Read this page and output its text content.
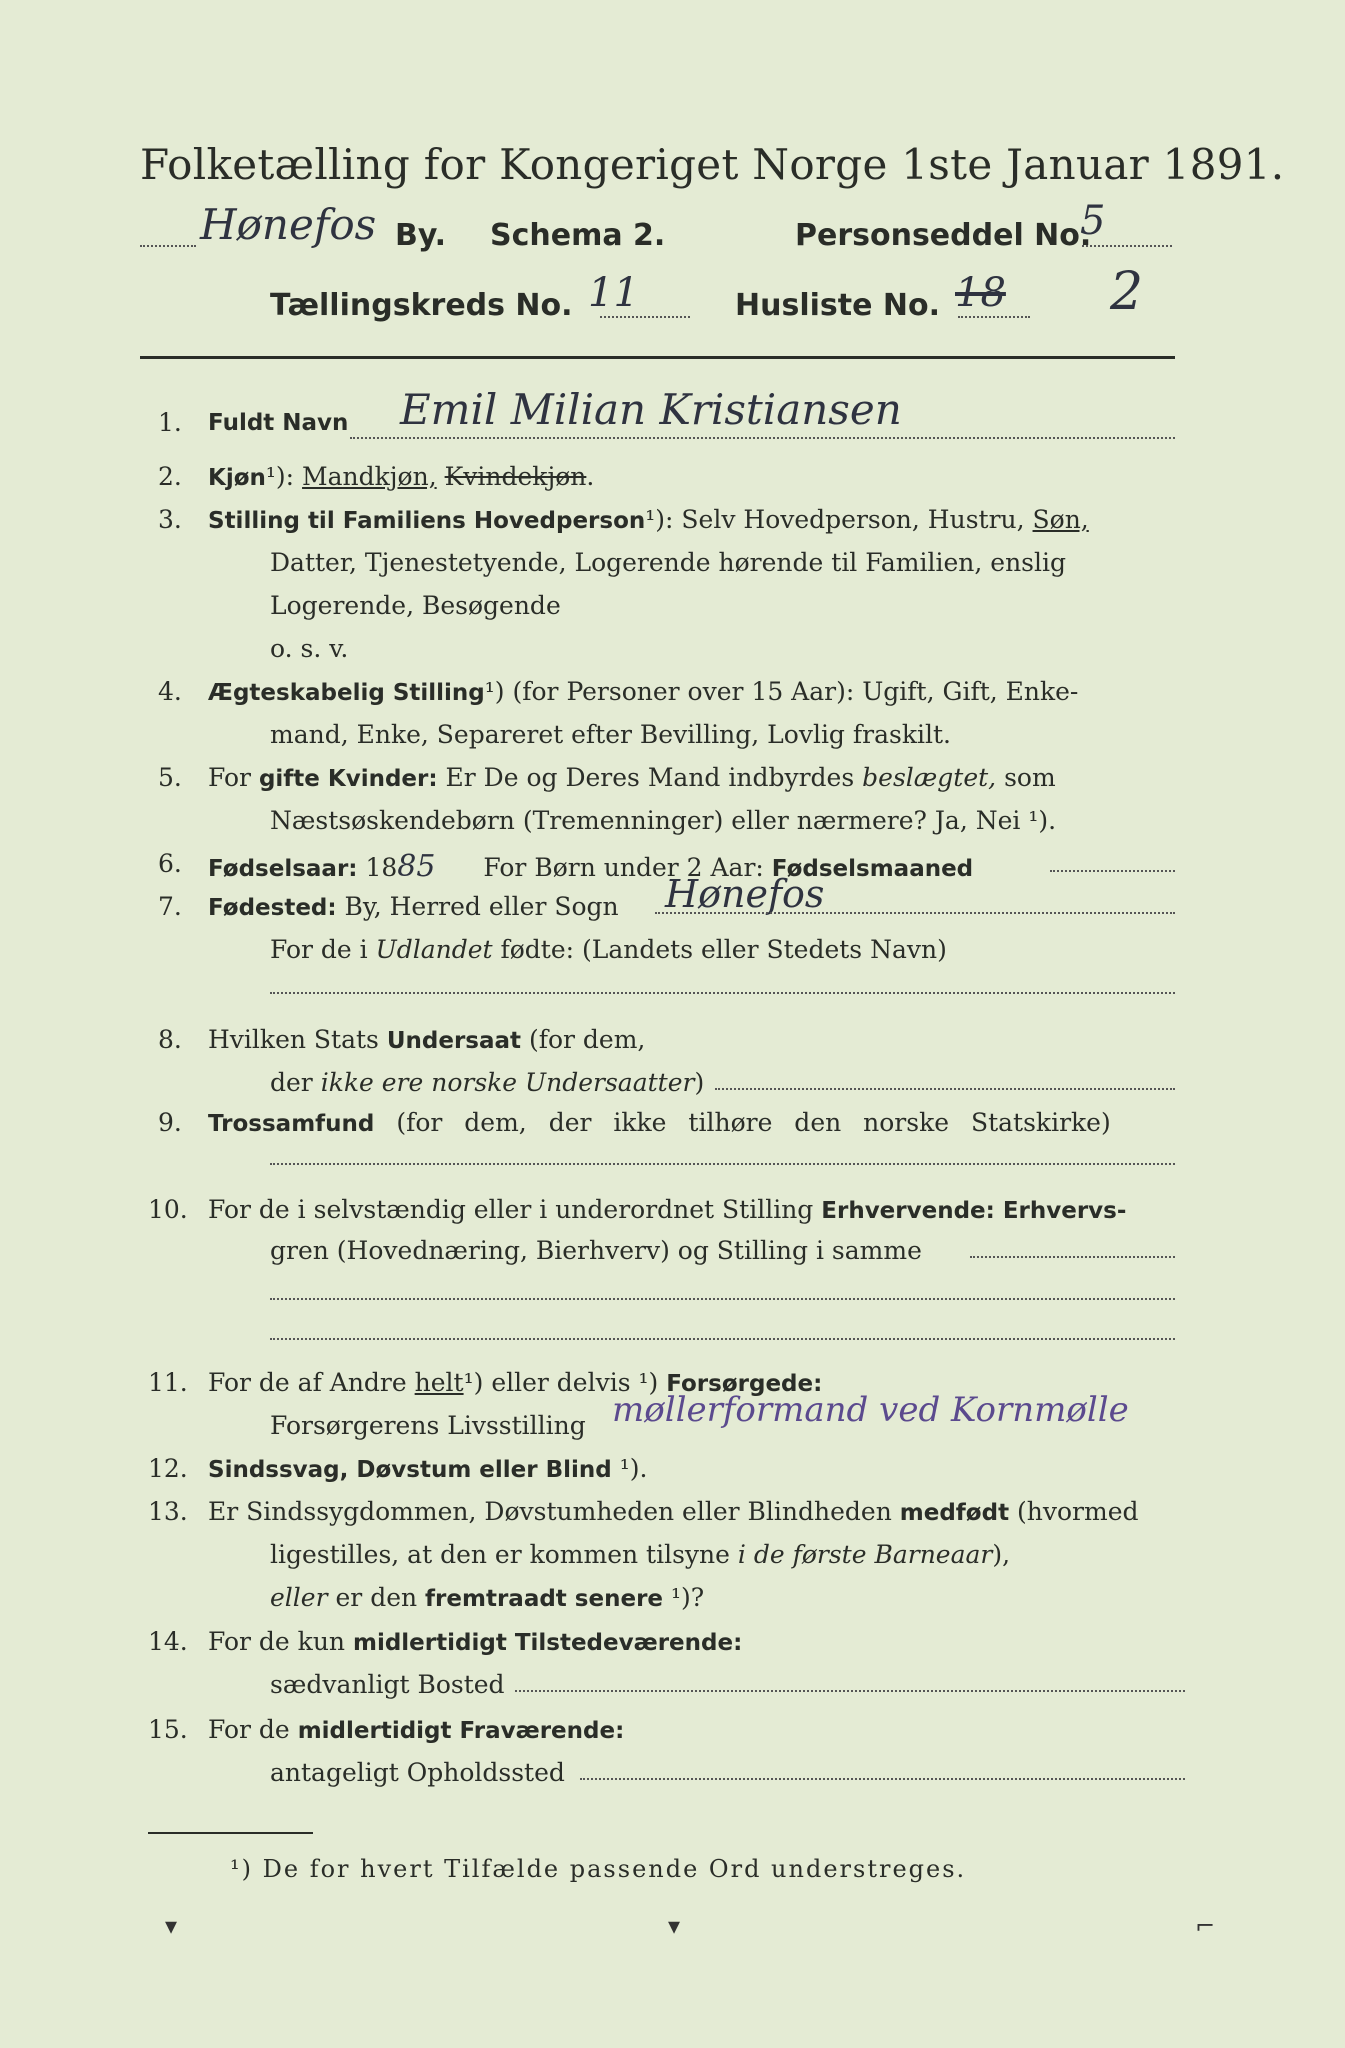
Folketælling for Kongeriget Norge 1ste Januar 1891.
Hønefos By. Schema 2.	Personseddel No.
5
Tællingskreds No. 11	Husliste No. 18 2
1. Fuldt Navn Emil Milian Kristiansen
2. Kjøn¹): Mandkjøn, Kvindekjøn.
3. Stilling til Familiens Hovedperson¹): Selv Hovedperson, Hustru, Søn,
Datter, Tjenestetyende, Logerende hørende til Familien, enslig
Logerende, Besøgende
o. s. v.
4. Ægteskabelig Stilling¹) (for Personer over 15 Aar): Ugift, Gift, Enke-
mand, Enke, Separeret efter Bevilling, Lovlig fraskilt.
5. For gifte Kvinder: Er De og Deres Mand indbyrdes beslægtet, som
Næstsøskendebørn (Tremenninger) eller nærmere? Ja, Nei ¹).
6. Fødselsaar: 1885 For Børn under 2 Aar: Fødselsmaaned
7. Fødested: By, Herred eller Sogn Hønefos
For de i Udlandet fødte: (Landets eller Stedets Navn)
8. Hvilken Stats Undersaat (for dem,
der ikke ere norske Undersaatter)
9. Trossamfund (for dem, der ikke tilhøre den norske Statskirke)
10. For de i selvstændig eller i underordnet Stilling Erhvervende: Erhvervs-
gren (Hovednæring, Bierhverv) og Stilling i samme
11. For de af Andre helt¹) eller delvis ¹) Forsørgede:
Forsørgerens Livsstilling møllerformand ved Kornmølle
12. Sindssvag, Døvstum eller Blind ¹).
13. Er Sindssygdommen, Døvstumheden eller Blindheden medfødt (hvormed
ligestilles, at den er kommen tilsyne i de første Barneaar),
eller er den fremtraadt senere ¹)?
14. For de kun midlertidigt Tilstedeværende:
sædvanligt Bosted
15. For de midlertidigt Fraværende:
antageligt Opholdssted
¹) De for hvert Tilfælde passende Ord understreges.
▾	▾	⌐
